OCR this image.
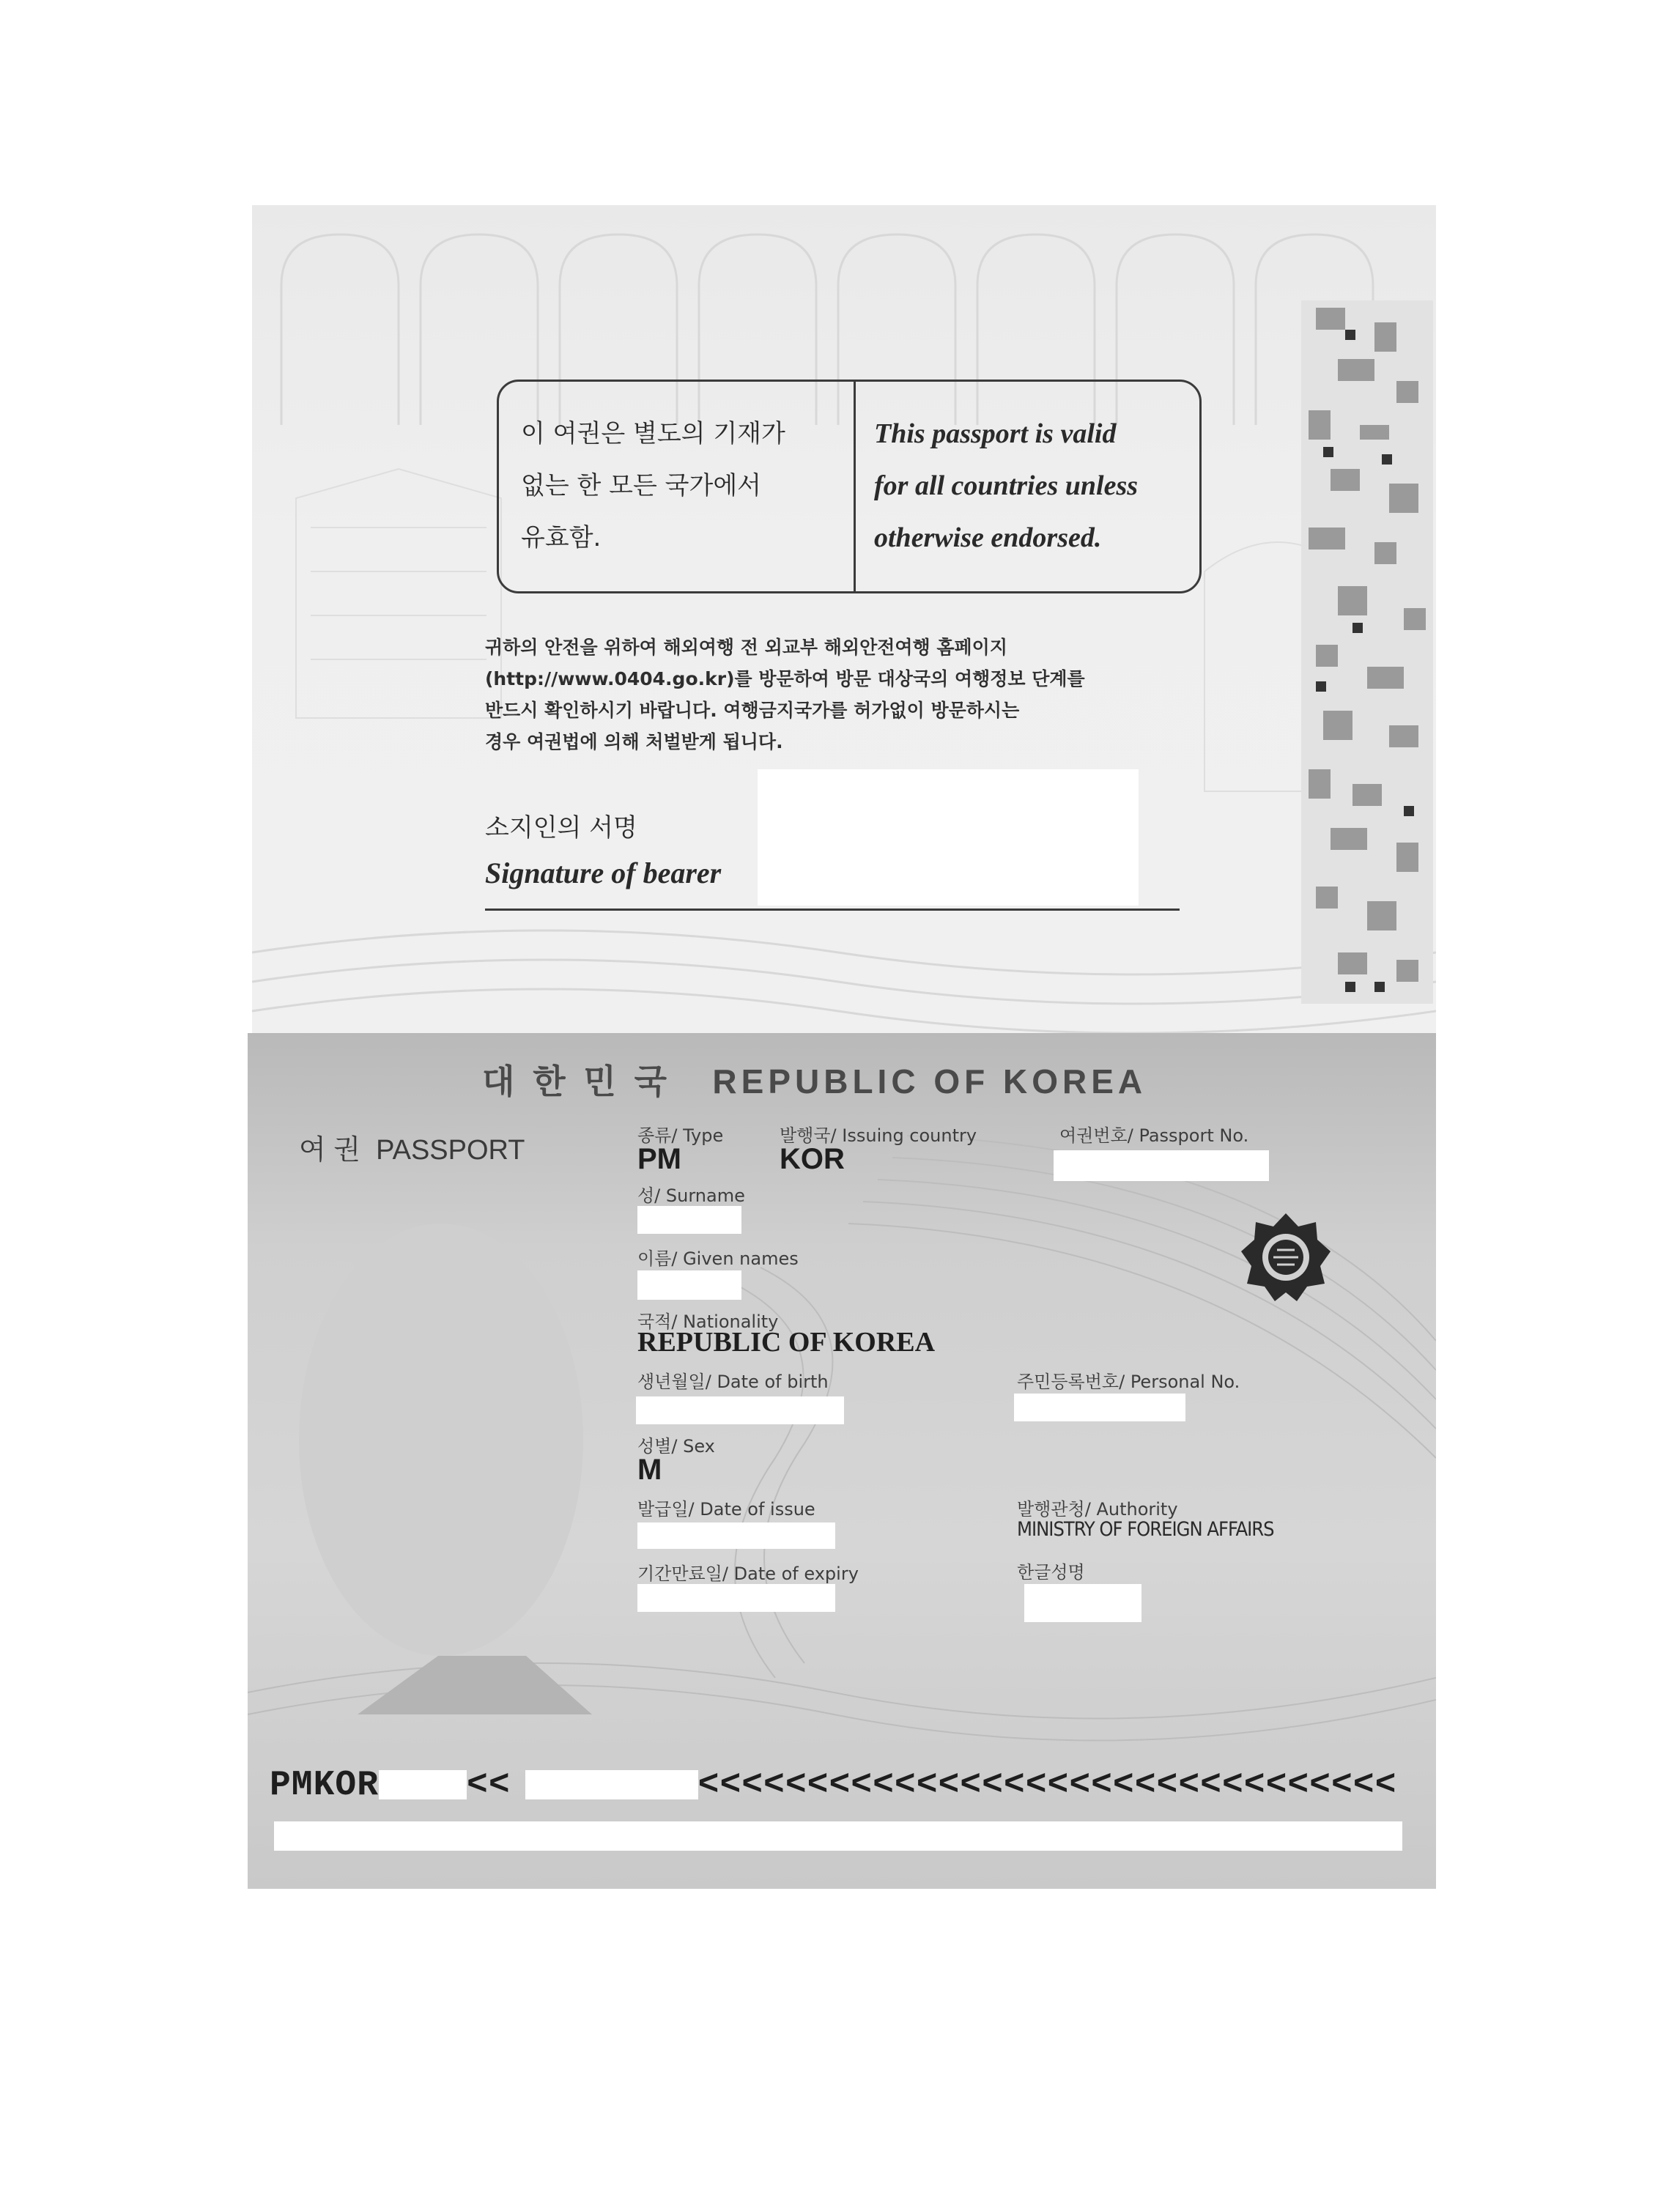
이 여권은 별도의 기재가
없는 한 모든 국가에서
유효함.
This passport is valid
for all countries unless
otherwise endorsed.
귀하의 안전을 위하여 해외여행 전 외교부 해외안전여행 홈페이지
(http://www.0404.go.kr)를 방문하여 방문 대상국의 여행정보 단계를
반드시 확인하시기 바랍니다. 여행금지국가를 허가없이 방문하시는
경우 여권법에 의해 처벌받게 됩니다.
소지인의 서명
Signature of bearer
대 한 민 국   REPUBLIC OF KOREA
여 권  PASSPORT	종류/ Type
PM
발행국/ Issuing country
KOR
여권번호/ Passport No.
성/ Surname
이름/ Given names
국적/ Nationality
REPUBLIC OF KOREA
생년월일/ Date of birth	주민등록번호/ Personal No.
성별/ Sex
M
발급일/ Date of issue	발행관청/ Authority
MINISTRY OF FOREIGN AFFAIRS
기간만료일/ Date of expiry	한글성명
PMKOR	<<	<<<<<<<<<<<<<<<<<<<<<<<<<<<<<<<<
